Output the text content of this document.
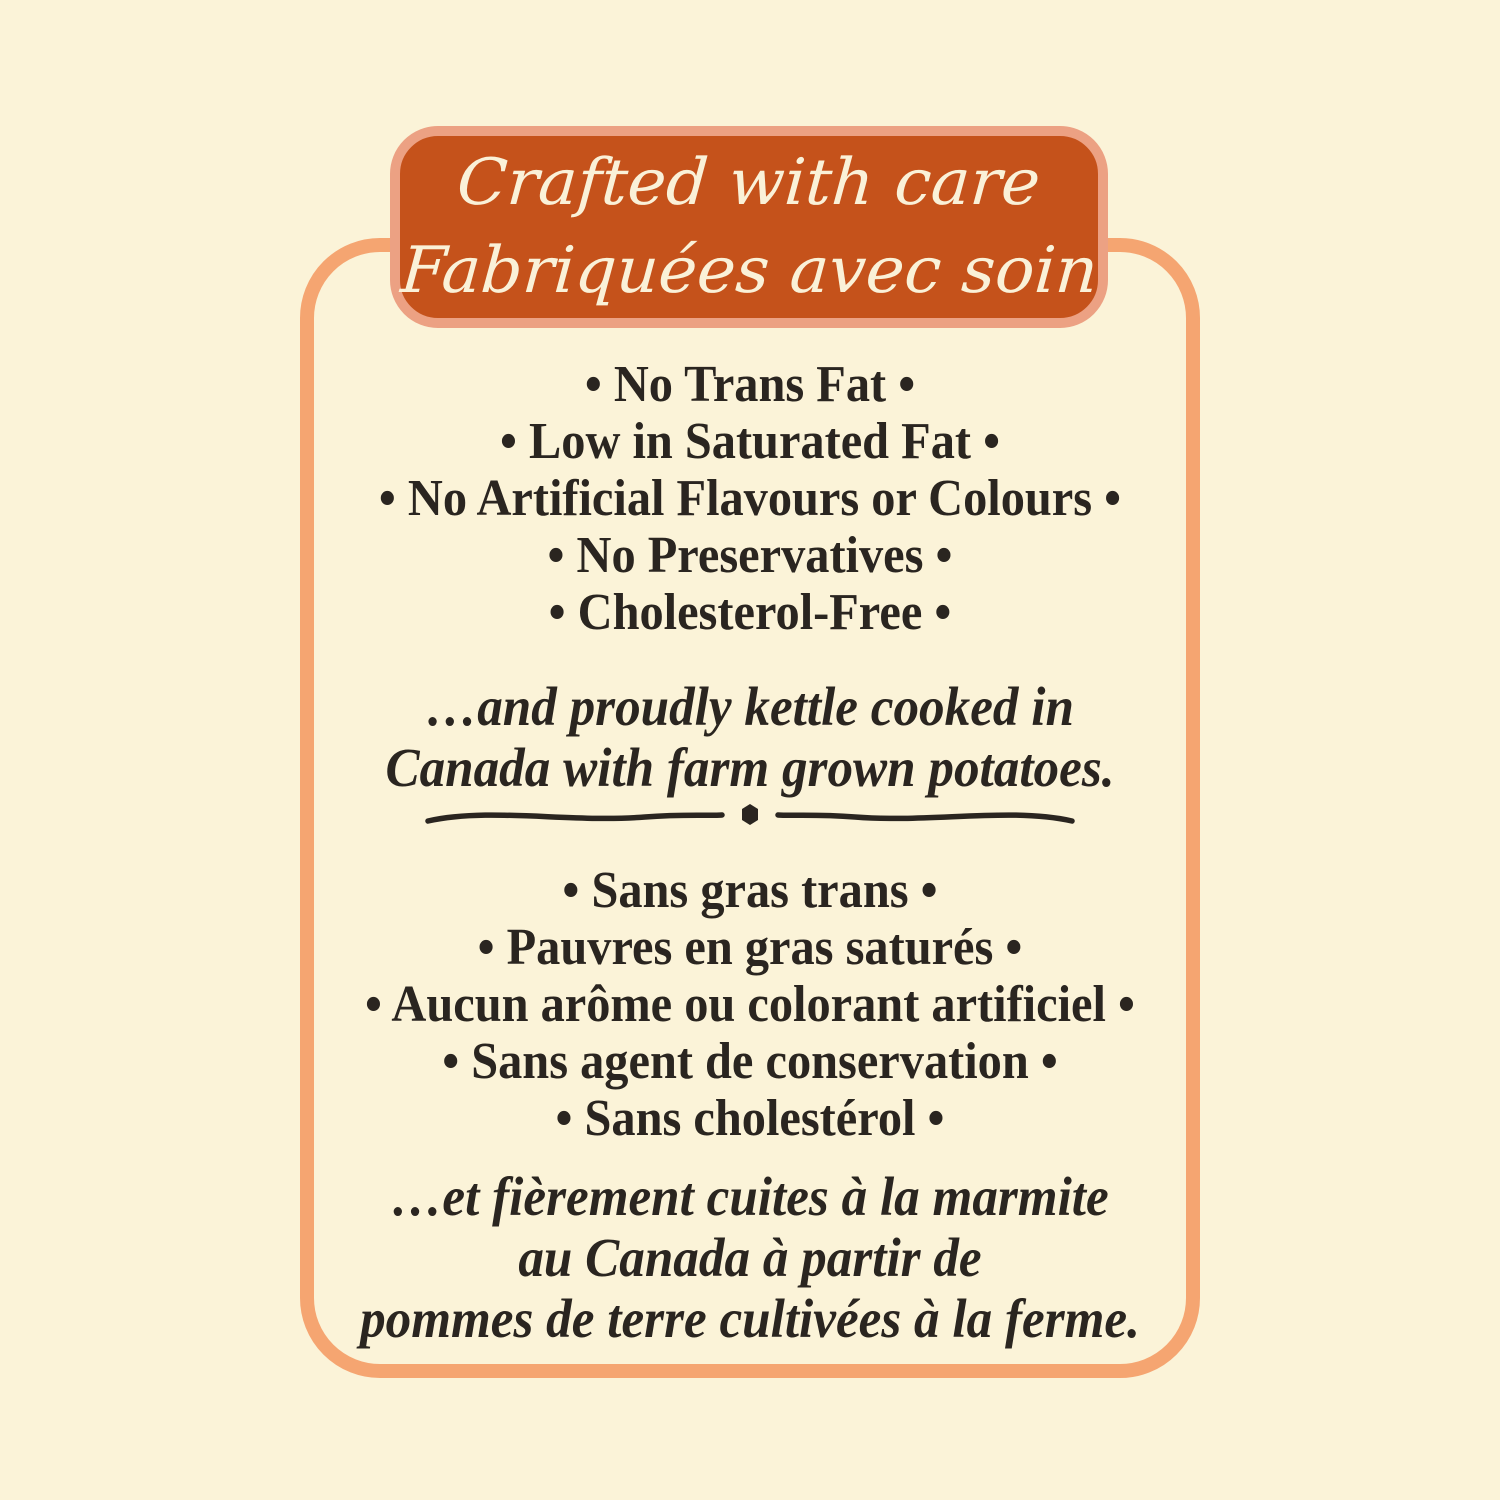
Crafted with care
Fabriquées avec soin
• No Trans Fat •
• Low in Saturated Fat •
• No Artificial Flavours or Colours •
• No Preservatives •
• Cholesterol-Free •
…and proudly kettle cooked in
Canada with farm grown potatoes.
• Sans gras trans •
• Pauvres en gras saturés •
• Aucun arôme ou colorant artificiel •
• Sans agent de conservation •
• Sans cholestérol •
…et fièrement cuites à la marmite
au Canada à partir de
pommes de terre cultivées à la ferme.
